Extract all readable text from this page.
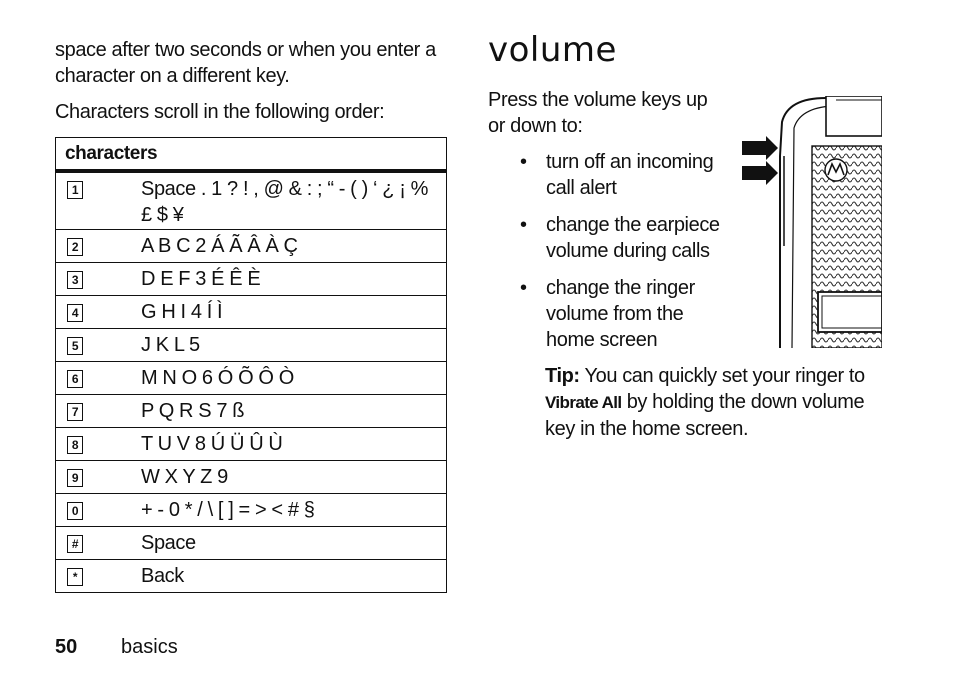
space after two seconds or when you enter a character on a different key.
Characters scroll in the following order:
characters	
1	Space . 1 ? ! , @ & : ; “ - ( ) ‘ ¿ ¡ % £ $ ¥
2	A B C 2 Á Ã Â À Ç
3	D E F 3 É Ê È
4	G H I 4 Í Ì
5	J K L 5
6	M N O 6 Ó Õ Ô Ò
7	P Q R S 7 ß
8	T U V 8 Ú Ü Û Ù
9	W X Y Z 9
0	+ - 0 * / \ [ ] = > < # §
#	Space
*	Back
volume
Press the volume keys up or down to:
• turn off an incoming call alert
• change the earpiece volume during calls
• change the ringer volume from the home screen
Tip: You can quickly set your ringer to Vibrate All by holding the down volume key in the home screen.
50 basics
